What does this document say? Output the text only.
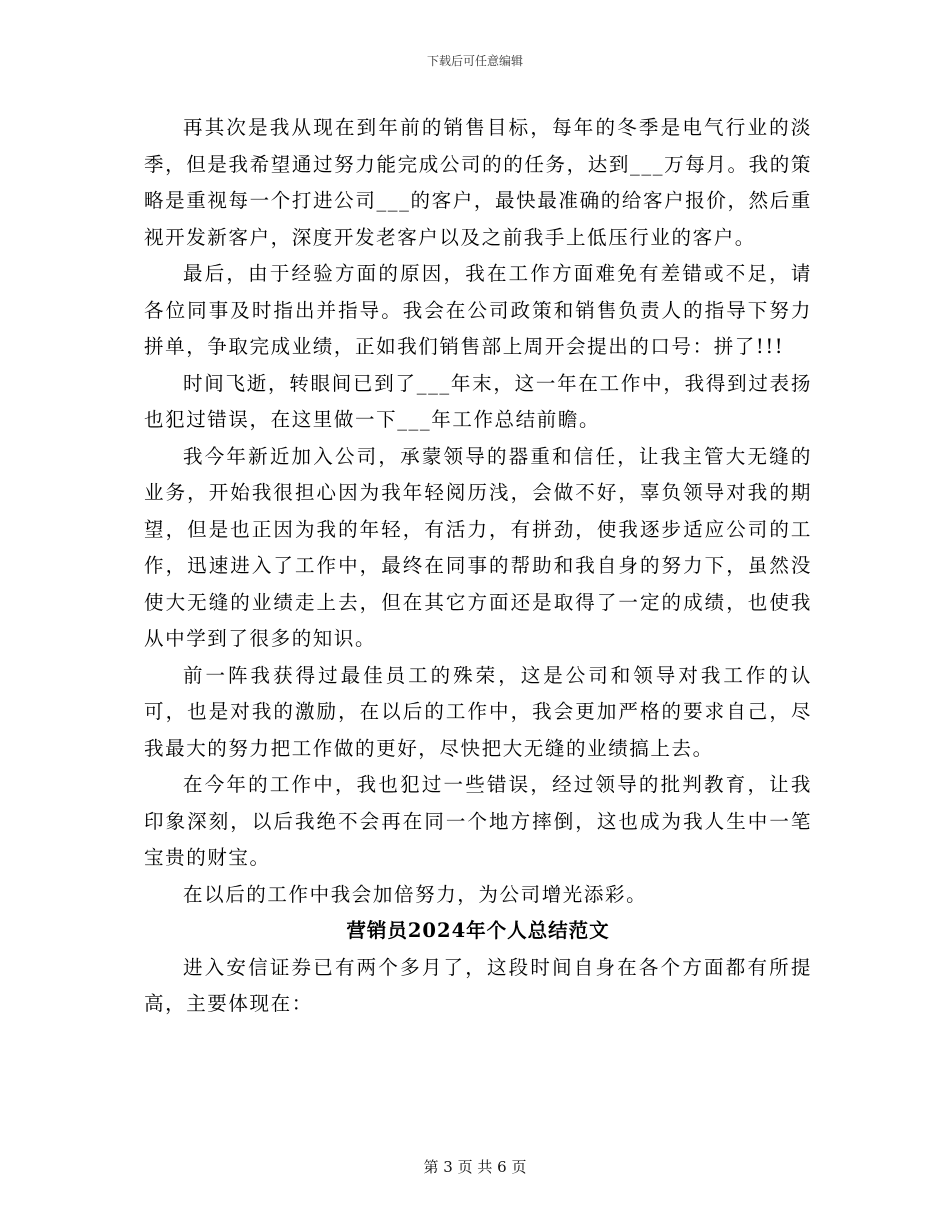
下载后可任意编辑

再其次是我从现在到年前的销售目标，每年的冬季是电气行业的淡季，但是我希望通过努力能完成公司的的任务，达到___万每月。我的策略是重视每一个打进公司___的客户，最快最准确的给客户报价，然后重视开发新客户，深度开发老客户以及之前我手上低压行业的客户。

最后，由于经验方面的原因，我在工作方面难免有差错或不足，请各位同事及时指出并指导。我会在公司政策和销售负责人的指导下努力拼单，争取完成业绩，正如我们销售部上周开会提出的口号：拼了!!!

时间飞逝，转眼间已到了___年末，这一年在工作中，我得到过表扬也犯过错误，在这里做一下___年工作总结前瞻。

我今年新近加入公司，承蒙领导的器重和信任，让我主管大无缝的业务，开始我很担心因为我年轻阅历浅，会做不好，辜负领导对我的期望，但是也正因为我的年轻，有活力，有拼劲，使我逐步适应公司的工作，迅速进入了工作中，最终在同事的帮助和我自身的努力下，虽然没使大无缝的业绩走上去，但在其它方面还是取得了一定的成绩，也使我从中学到了很多的知识。

前一阵我获得过最佳员工的殊荣，这是公司和领导对我工作的认可，也是对我的激励，在以后的工作中，我会更加严格的要求自己，尽我最大的努力把工作做的更好，尽快把大无缝的业绩搞上去。

在今年的工作中，我也犯过一些错误，经过领导的批判教育，让我印象深刻，以后我绝不会再在同一个地方摔倒，这也成为我人生中一笔宝贵的财宝。

在以后的工作中我会加倍努力，为公司增光添彩。

营销员2024年个人总结范文

进入安信证券已有两个多月了，这段时间自身在各个方面都有所提高，主要体现在：

第 3 页 共 6 页
